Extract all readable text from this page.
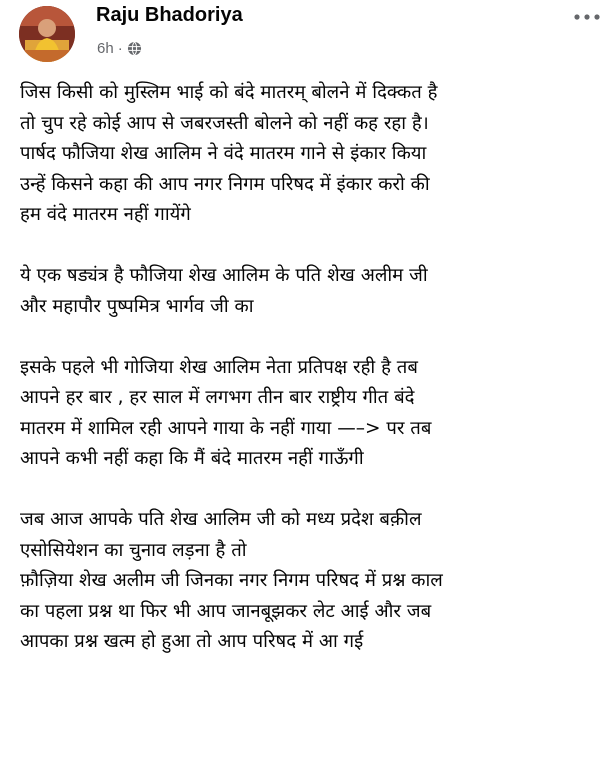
Raju Bhadoriya
6h ·
जिस किसी को मुस्लिम भाई को बंदे मातरम् बोलने में दिक्कत है
तो चुप रहे कोई आप से जबरजस्ती बोलने को नहीं कह रहा है।
पार्षद फौजिया शेख आलिम ने वंदे मातरम गाने से इंकार किया
उन्हें किसने कहा की आप नगर निगम परिषद में इंकार करो की
हम वंदे मातरम नहीं गायेंगे
ये एक षड्यंत्र है फौजिया शेख आलिम के पति शेख अलीम जी
और महापौर पुष्पमित्र भार्गव जी का
इसके पहले भी गोजिया शेख आलिम नेता प्रतिपक्ष रही है तब
आपने हर बार , हर साल में लगभग तीन बार राष्ट्रीय गीत बंदे
मातरम में शामिल रही आपने गाया के नहीं गाया —–> पर तब
आपने कभी नहीं कहा कि मैं बंदे मातरम नहीं गाऊँगी
जब आज आपके पति शेख आलिम जी को मध्य प्रदेश बक़ील
एसोसियेशन का चुनाव लड़ना है तो
फ़ौज़िया शेख अलीम जी जिनका नगर निगम परिषद में प्रश्न काल
का पहला प्रश्न था फिर भी आप जानबूझकर लेट आई और जब
आपका प्रश्न खत्म हो हुआ तो आप परिषद में आ गई
